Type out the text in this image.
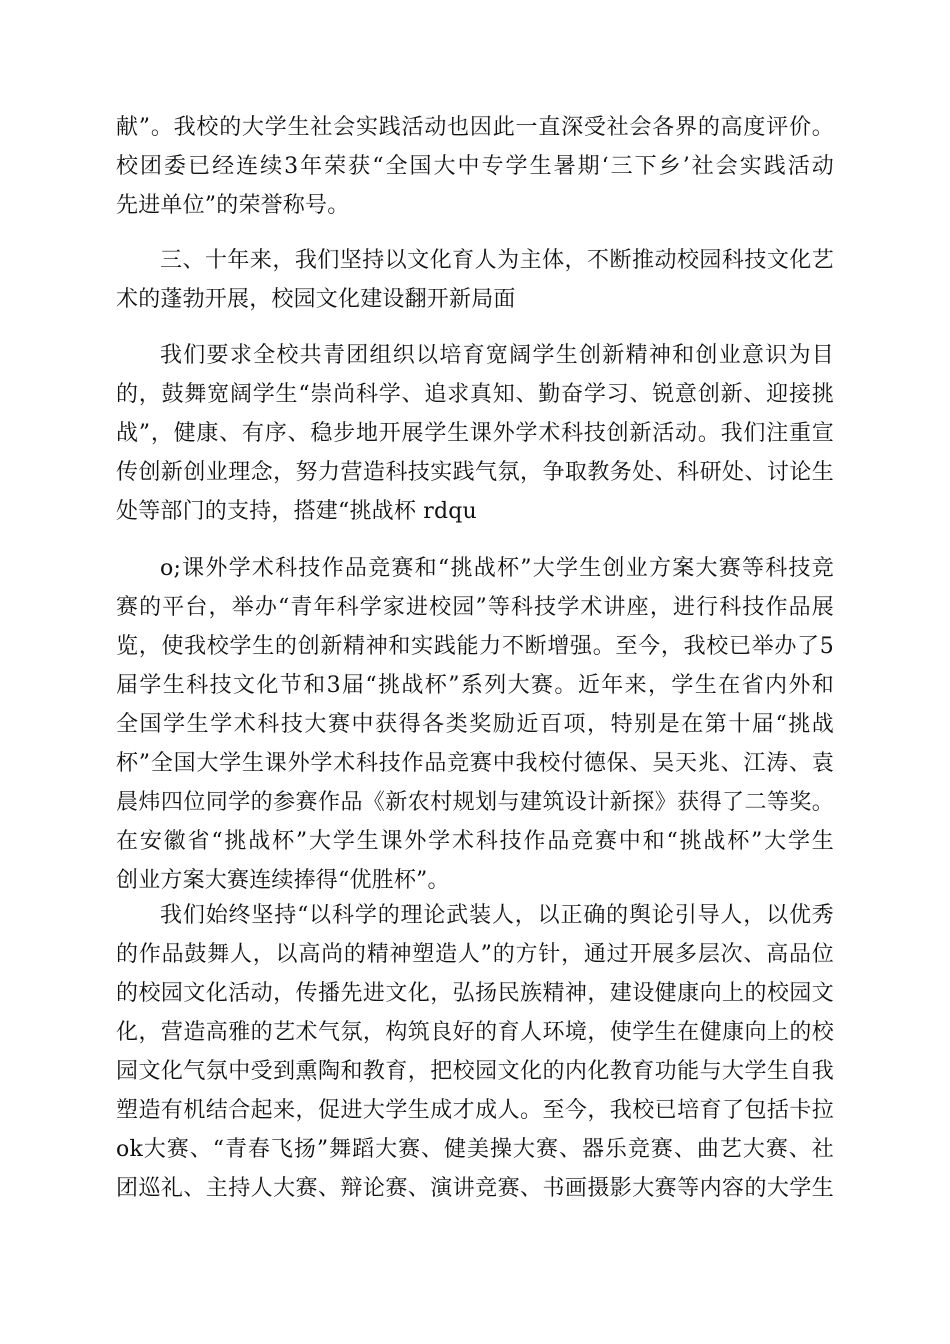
献”。我校的大学生社会实践活动也因此一直深受社会各界的高度评价。
校团委已经连续3年荣获“全国大中专学生暑期‘三下乡’社会实践活动
先进单位”的荣誉称号。
三、十年来，我们坚持以文化育人为主体，不断推动校园科技文化艺
术的蓬勃开展，校园文化建设翻开新局面
我们要求全校共青团组织以培育宽阔学生创新精神和创业意识为目
的，鼓舞宽阔学生“崇尚科学、追求真知、勤奋学习、锐意创新、迎接挑
战”，健康、有序、稳步地开展学生课外学术科技创新活动。我们注重宣
传创新创业理念，努力营造科技实践气氛，争取教务处、科研处、讨论生
处等部门的支持，搭建“挑战杯 rdqu
o;课外学术科技作品竞赛和“挑战杯”大学生创业方案大赛等科技竞
赛的平台，举办“青年科学家进校园”等科技学术讲座，进行科技作品展
览，使我校学生的创新精神和实践能力不断增强。至今，我校已举办了5
届学生科技文化节和3届“挑战杯”系列大赛。近年来，学生在省内外和
全国学生学术科技大赛中获得各类奖励近百项，特别是在第十届“挑战
杯”全国大学生课外学术科技作品竞赛中我校付德保、吴天兆、江涛、袁
晨炜四位同学的参赛作品《新农村规划与建筑设计新探》获得了二等奖。
在安徽省“挑战杯”大学生课外学术科技作品竞赛中和“挑战杯”大学生
创业方案大赛连续捧得“优胜杯”。
我们始终坚持“以科学的理论武装人，以正确的舆论引导人，以优秀
的作品鼓舞人，以高尚的精神塑造人”的方针，通过开展多层次、高品位
的校园文化活动，传播先进文化，弘扬民族精神，建设健康向上的校园文
化，营造高雅的艺术气氛，构筑良好的育人环境，使学生在健康向上的校
园文化气氛中受到熏陶和教育，把校园文化的内化教育功能与大学生自我
塑造有机结合起来，促进大学生成才成人。至今，我校已培育了包括卡拉
ok大赛、“青春飞扬”舞蹈大赛、健美操大赛、器乐竞赛、曲艺大赛、社
团巡礼、主持人大赛、辩论赛、演讲竞赛、书画摄影大赛等内容的大学生
